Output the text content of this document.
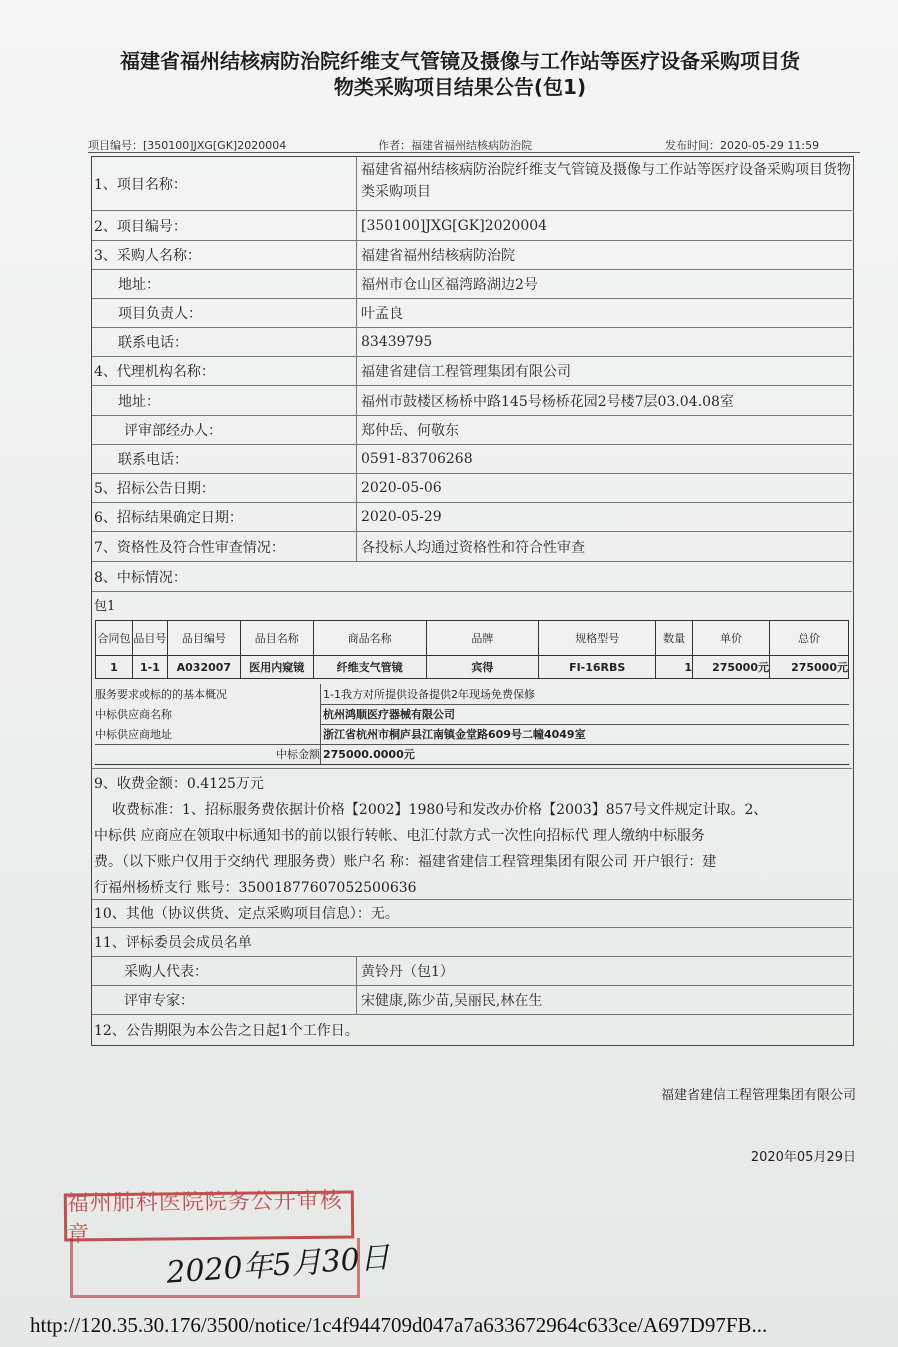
福建省福州结核病防治院纤维支气管镜及摄像与工作站等医疗设备采购项目货
物类采购项目结果公告(包1)
项目编号：[350100]JXG[GK]2020004	作者：福建省福州结核病防治院	发布时间：2020-05-29 11:59
1、项目名称：
福建省福州结核病防治院纤维支气管镜及摄像与工作站等医疗设备采购项目货物类采购项目
2、项目编号：	[350100]JXG[GK]2020004
3、采购人名称：	福建省福州结核病防治院
地址：	福州市仓山区福湾路湖边2号
项目负责人：	叶孟良
联系电话：	83439795
4、代理机构名称：	福建省建信工程管理集团有限公司
地址：	福州市鼓楼区杨桥中路145号杨桥花园2号楼7层03.04.08室
评审部经办人：	郑仲岳、何敬东
联系电话：	0591-83706268
5、招标公告日期：	2020-05-06
6、招标结果确定日期：	2020-05-29
7、资格性及符合性审查情况：	各投标人均通过资格性和符合性审查
8、中标情况：
包1
合同包	品目号	品目编号	品目名称	商品名称	品牌	规格型号	数量	单价	总价
1	1-1	A032007	医用内窥镜	纤维支气管镜	宾得	FI-16RBS	1	275000元	275000元
服务要求或标的的基本概况	1-1我方对所提供设备提供2年现场免费保修
中标供应商名称	杭州鸿顺医疗器械有限公司
中标供应商地址	浙江省杭州市桐庐县江南镇金堂路609号二幢4049室
中标金额 275000.0000元
9、收费金额：0.4125万元
收费标准：1、招标服务费依据计价格【2002】1980号和发改办价格【2003】857号文件规定计取。2、
中标供 应商应在领取中标通知书的前以银行转帐、电汇付款方式一次性向招标代 理人缴纳中标服务
费。（以下账户仅用于交纳代 理服务费）账户名 称：福建省建信工程管理集团有限公司 开户银行：建
行福州杨桥支行 账号：35001877607052500636
10、其他（协议供货、定点采购项目信息）：无。
11、评标委员会成员名单
采购人代表：	黄铃丹（包1）
评审专家：	宋健康,陈少苗,吴丽民,林在生
12、公告期限为本公告之日起1个工作日。
福建省建信工程管理集团有限公司
2020年05月29日
福州肺科医院院务公开审核章
2020年5月30日
http://120.35.30.176/3500/notice/1c4f944709d047a7a633672964c633ce/A697D97FB...
